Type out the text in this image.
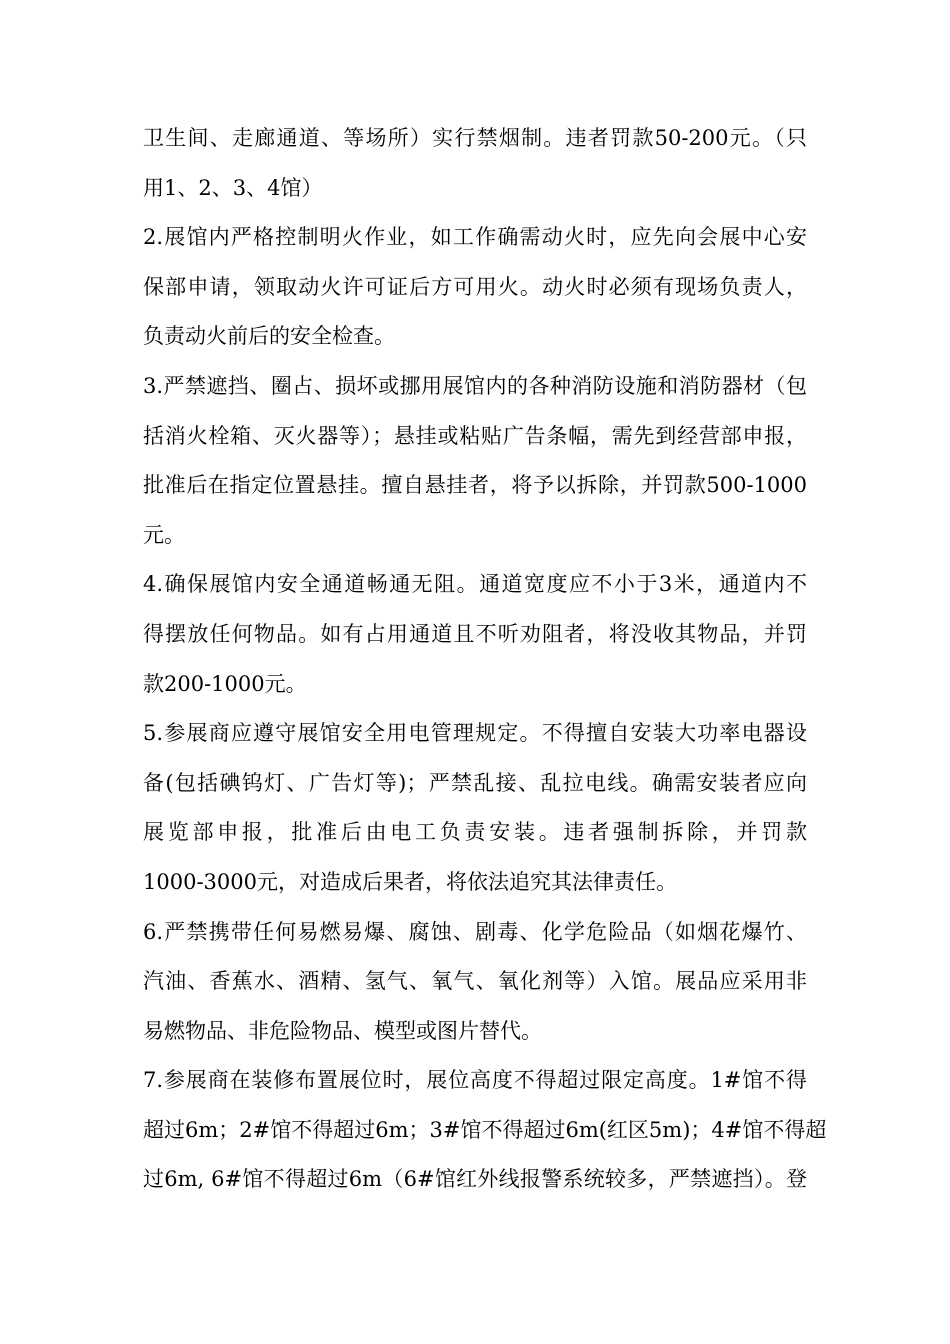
卫生间、走廊通道、等场所）实行禁烟制。违者罚款50-200元。（只
用1、2、3、4馆）
2.展馆内严格控制明火作业，如工作确需动火时，应先向会展中心安
保部申请，领取动火许可证后方可用火。动火时必须有现场负责人，
负责动火前后的安全检查。
3.严禁遮挡、圈占、损坏或挪用展馆内的各种消防设施和消防器材（包
括消火栓箱、灭火器等）；悬挂或粘贴广告条幅，需先到经营部申报，
批准后在指定位置悬挂。擅自悬挂者，将予以拆除，并罚款500-1000
元。
4.确保展馆内安全通道畅通无阻。通道宽度应不小于3米，通道内不
得摆放任何物品。如有占用通道且不听劝阻者，将没收其物品，并罚
款200-1000元。
5.参展商应遵守展馆安全用电管理规定。不得擅自安装大功率电器设
备(包括碘钨灯、广告灯等)；严禁乱接、乱拉电线。确需安装者应向
展览部申报，批准后由电工负责安装。违者强制拆除，并罚款
1000-3000元，对造成后果者，将依法追究其法律责任。
6.严禁携带任何易燃易爆、腐蚀、剧毒、化学危险品（如烟花爆竹、
汽油、香蕉水、酒精、氢气、氧气、氧化剂等）入馆。展品应采用非
易燃物品、非危险物品、模型或图片替代。
7.参展商在装修布置展位时，展位高度不得超过限定高度。1#馆不得
超过6m；2#馆不得超过6m；3#馆不得超过6m(红区5m)；4#馆不得超
过6m, 6#馆不得超过6m（6#馆红外线报警系统较多，严禁遮挡）。登
